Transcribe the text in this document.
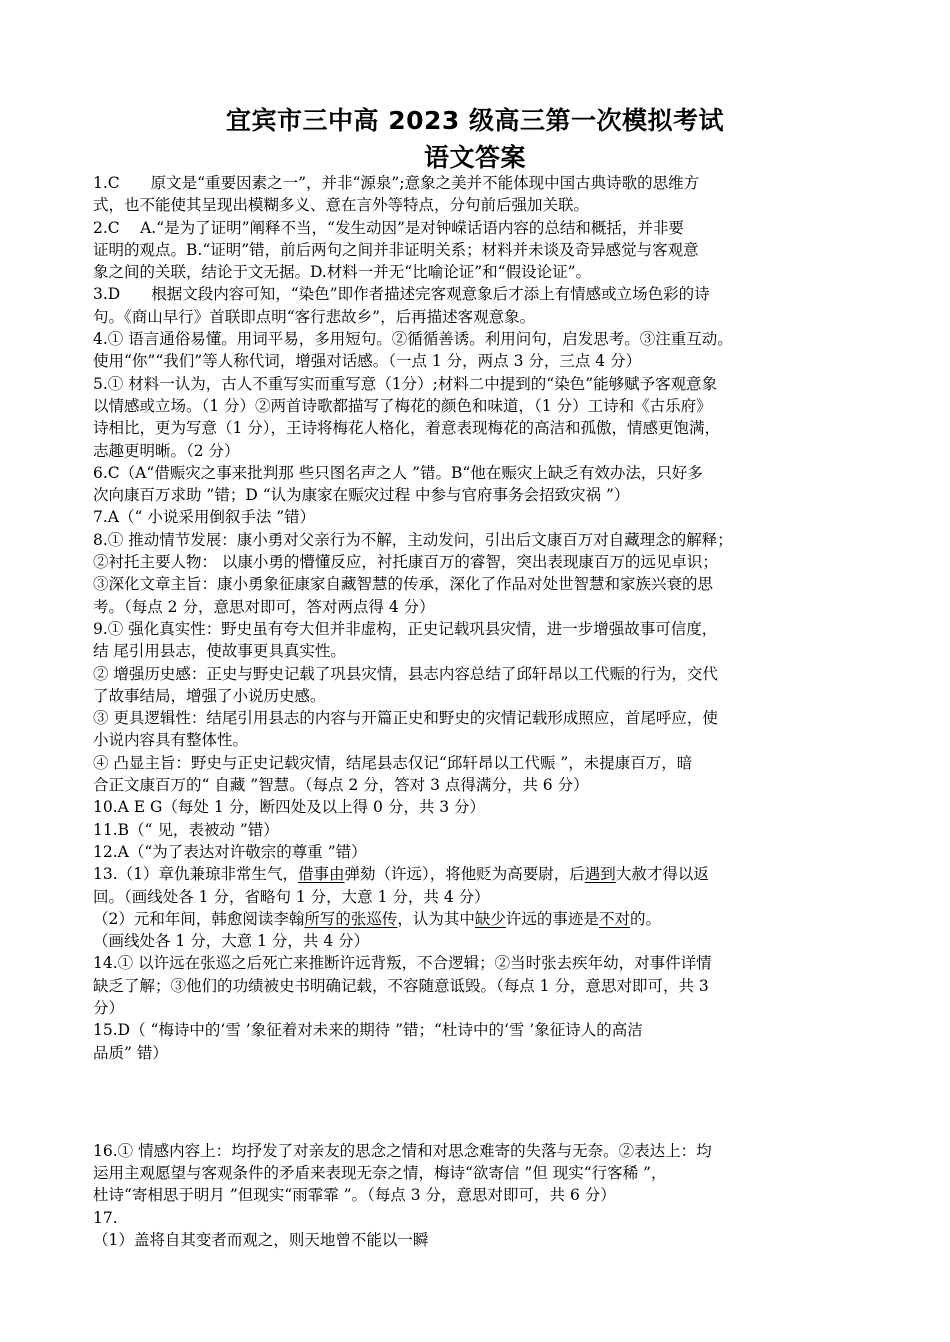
宜宾市三中高 2023 级高三第一次模拟考试
语文答案

1.C　　原文是“重要因素之一”，并非“源泉”;意象之美并不能体现中国古典诗歌的思维方

式，也不能使其呈现出模糊多义、意在言外等特点，分句前后强加关联。

2.C　 A.“是为了证明”阐释不当，“发生动因”是对钟嵘话语内容的总结和概括，并非要

证明的观点。B.“证明”错，前后两句之间并非证明关系；材料并未谈及奇异感觉与客观意

象之间的关联，结论于文无据。D.材料一并无“比喻论证”和“假设论证”。

3.D　　根据文段内容可知，“染色”即作者描述完客观意象后才添上有情感或立场色彩的诗

句。《商山早行》首联即点明“客行悲故乡”，后再描述客观意象。

4.① 语言通俗易懂。用词平易，多用短句。②循循善诱。利用问句，启发思考。③注重互动。

使用“你”“我们”等人称代词，增强对话感。（一点 1 分，两点 3 分，三点 4 分）

5.① 材料一认为，古人不重写实而重写意（1分）;材料二中提到的“染色”能够赋予客观意象

以情感或立场。（1 分）②两首诗歌都描写了梅花的颜色和味道，（1 分）工诗和《古乐府》

诗相比，更为写意（1 分），王诗将梅花人格化，着意表现梅花的高洁和孤傲，情感更饱满，

志趣更明晰。（2 分）

6.C（A“借赈灾之事来批判那 些只图名声之人 ”错。B“他在赈灾上缺乏有效办法，只好多

次向康百万求助 ”错；D “认为康家在赈灾过程 中参与官府事务会招致灾祸 ”）

7.A（“ 小说采用倒叙手法 ”错）

8.① 推动情节发展：康小勇对父亲行为不解，主动发问，引出后文康百万对自藏理念的解释；

②衬托主要人物： 以康小勇的懵懂反应，衬托康百万的睿智，突出表现康百万的远见卓识；

③深化文章主旨：康小勇象征康家自藏智慧的传承，深化了作品对处世智慧和家族兴衰的思

考。（每点 2 分，意思对即可，答对两点得 4 分）

9.① 强化真实性：野史虽有夸大但并非虚构，正史记载巩县灾情，进一步增强故事可信度，

结 尾引用县志，使故事更具真实性。

② 增强历史感：正史与野史记载了巩县灾情，县志内容总结了邱轩昂以工代赈的行为，交代

了故事结局，增强了小说历史感。

③ 更具逻辑性：结尾引用县志的内容与开篇正史和野史的灾情记载形成照应，首尾呼应，使

小说内容具有整体性。

④ 凸显主旨：野史与正史记载灾情，结尾县志仅记“邱轩昂以工代赈 ”，未提康百万，暗

合正文康百万的“ 自藏 ”智慧。（每点 2 分，答对 3 点得满分，共 6 分）

10.A E G（每处 1 分，断四处及以上得 0 分，共 3 分）

11.B（“ 见，表被动 ”错）

12.A（“为了表达对许敬宗的尊重 ”错）

13.（1）章仇兼琼非常生气，借事由弹劾（许远），将他贬为高要尉，后遇到大赦才得以返

回。（画线处各 1 分，省略句 1 分，大意 1 分，共 4 分）

（2）元和年间，韩愈阅读李翰所写的张巡传，认为其中缺少许远的事迹是不对的。

（画线处各 1 分，大意 1 分，共 4 分）

14.① 以许远在张巡之后死亡来推断许远背叛，不合逻辑；②当时张去疾年幼，对事件详情

缺乏了解；③他们的功绩被史书明确记载，不容随意诋毁。（每点 1 分，意思对即可，共 3

分）

15.D（ “梅诗中的‘雪 ’象征着对未来的期待 ”错；“杜诗中的‘雪 ’象征诗人的高洁

品质” 错）

16.① 情感内容上：均抒发了对亲友的思念之情和对思念难寄的失落与无奈。②表达上：均

运用主观愿望与客观条件的矛盾来表现无奈之情，梅诗“欲寄信 ”但 现实“行客稀 ”，

杜诗“寄相思于明月 ”但现实“雨霏霏 ”。（每点 3 分，意思对即可，共 6 分）

17.

（1）盖将自其变者而观之，则天地曾不能以一瞬
